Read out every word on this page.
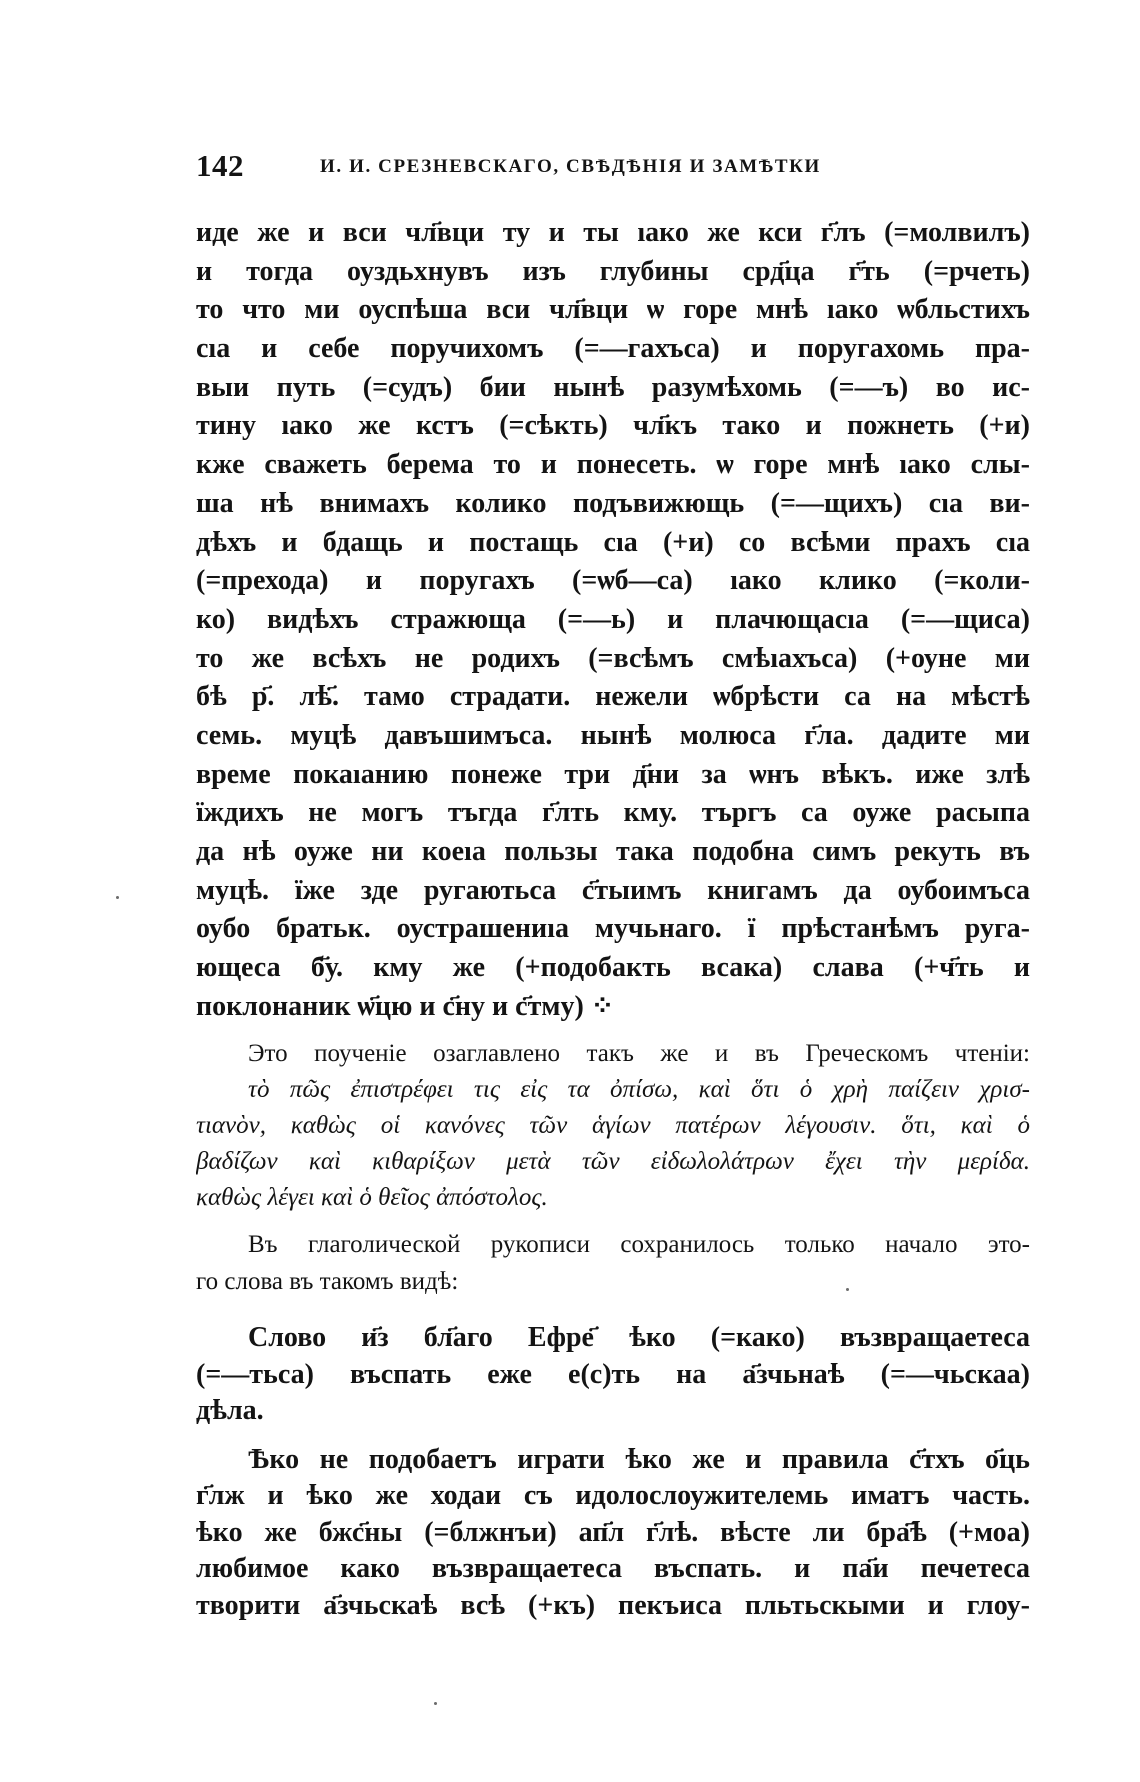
142	И. И. СРЕЗНЕВСКАГО, СВѢДѢНІЯ И ЗАМѢТКИ
иде же и вси чл҃вци ту и ты ıако же кси г҃лъ (=молвилъ)
и тогда оуздьхнувъ изъ глубины срд҃ца г҃ть (=рчеть)
то что ми оуспѣша вси чл҃вци ѡ горе мнѣ ıако ѡбльстихъ
сıа и себе поручихомъ (=—гахъса) и поругахомь пра-
выи путь (=судъ) бии нынѣ разумѣхомь (=—ъ) во ис-
тину ıако же кстъ (=сѣкть) чл҃къ тако и пожнеть (+и)
кже сважеть берема то и понесеть. ѡ горе мнѣ ıако слы-
ша нѣ внимахъ колико подъвижющь (=—щихъ) сıа ви-
дѣхъ и бдащь и постащь сıа (+и) со всѣми прахъ сıа
(=прехода) и поругахъ (=ѡб—са) ıако клико (=коли-
ко) видѣхъ стражюща (=—ь) и плачющасıа (=—щиса)
то же всѣхъ не родихъ (=всѣмъ смѣıахъса) (+оуне ми
бѣ р҃. лѣ҃. тамо страдати. нежели ѡбрѣсти са на мѣстѣ
семь. муцѣ давъшимъса. нынѣ молюса г҃ла. дадите ми
време покаıанию понеже три д҃ни за ѡнъ вѣкъ. иже злѣ
їждихъ не могъ тъгда г҃лть кму. търгъ са оуже расыпа
да нѣ оуже ни коеıа пользы така подобна симъ рекуть въ
муцѣ. їже зде ругаютьса с҃тыимъ книгамъ да оубоимъса
оубо братьк. оустрашениıа мучьнаго. ї прѣстанѣмъ руга-
ющеса б҃у. кму же (+подобакть всака) слава (+ч҃ть и
поклонаник ѡ҃цю и с҃ну и с҃тму) ⁘
Это поученіе озаглавлено такъ же и въ Греческомъ чтеніи:
τὸ πῶς ἐπιστρέφει τις εἰς τα ὀπίσω, καὶ ὅτι ὁ χρὴ παίζειν χρισ-
τιανὸν, καθὼς οἱ κανόνες τῶν ἁγίων πατέρων λέγουσιν. ὅτι, καὶ ὁ
βαδίζων καὶ κιθαρίξων μετὰ τῶν εἰδωλολάτρων ἔχει τὴν μερίδα.
καθὼς λέγει καὶ ὁ θεῖος ἀπόστολος.
Въ глаголической рукописи сохранилось только начало это-
го слова въ такомъ видѣ:
Слово и҃з бл҃аго Ефре҃ ѣко (=како) възвращаетеса
(=—тьса) въспать еже е(с)ть на а҃зчьнаѣ (=—чьскаа)
дѣла.
Ѣко не подобаетъ играти ѣко же и правила с҃тхъ о҃ць
г҃лж и ѣко же ходаи съ идолослоужителемь иматъ часть.
ѣко же бжс҃ны (=блжнъи) ап҃л г҃лѣ. вѣсте ли бра҃ѣ (+моа)
любимое како възвращаетеса въспать. и па҃и печетеса
творити а҃зчьскаѣ всѣ (+къ) пекъиса пльтьскыми и глоу-
